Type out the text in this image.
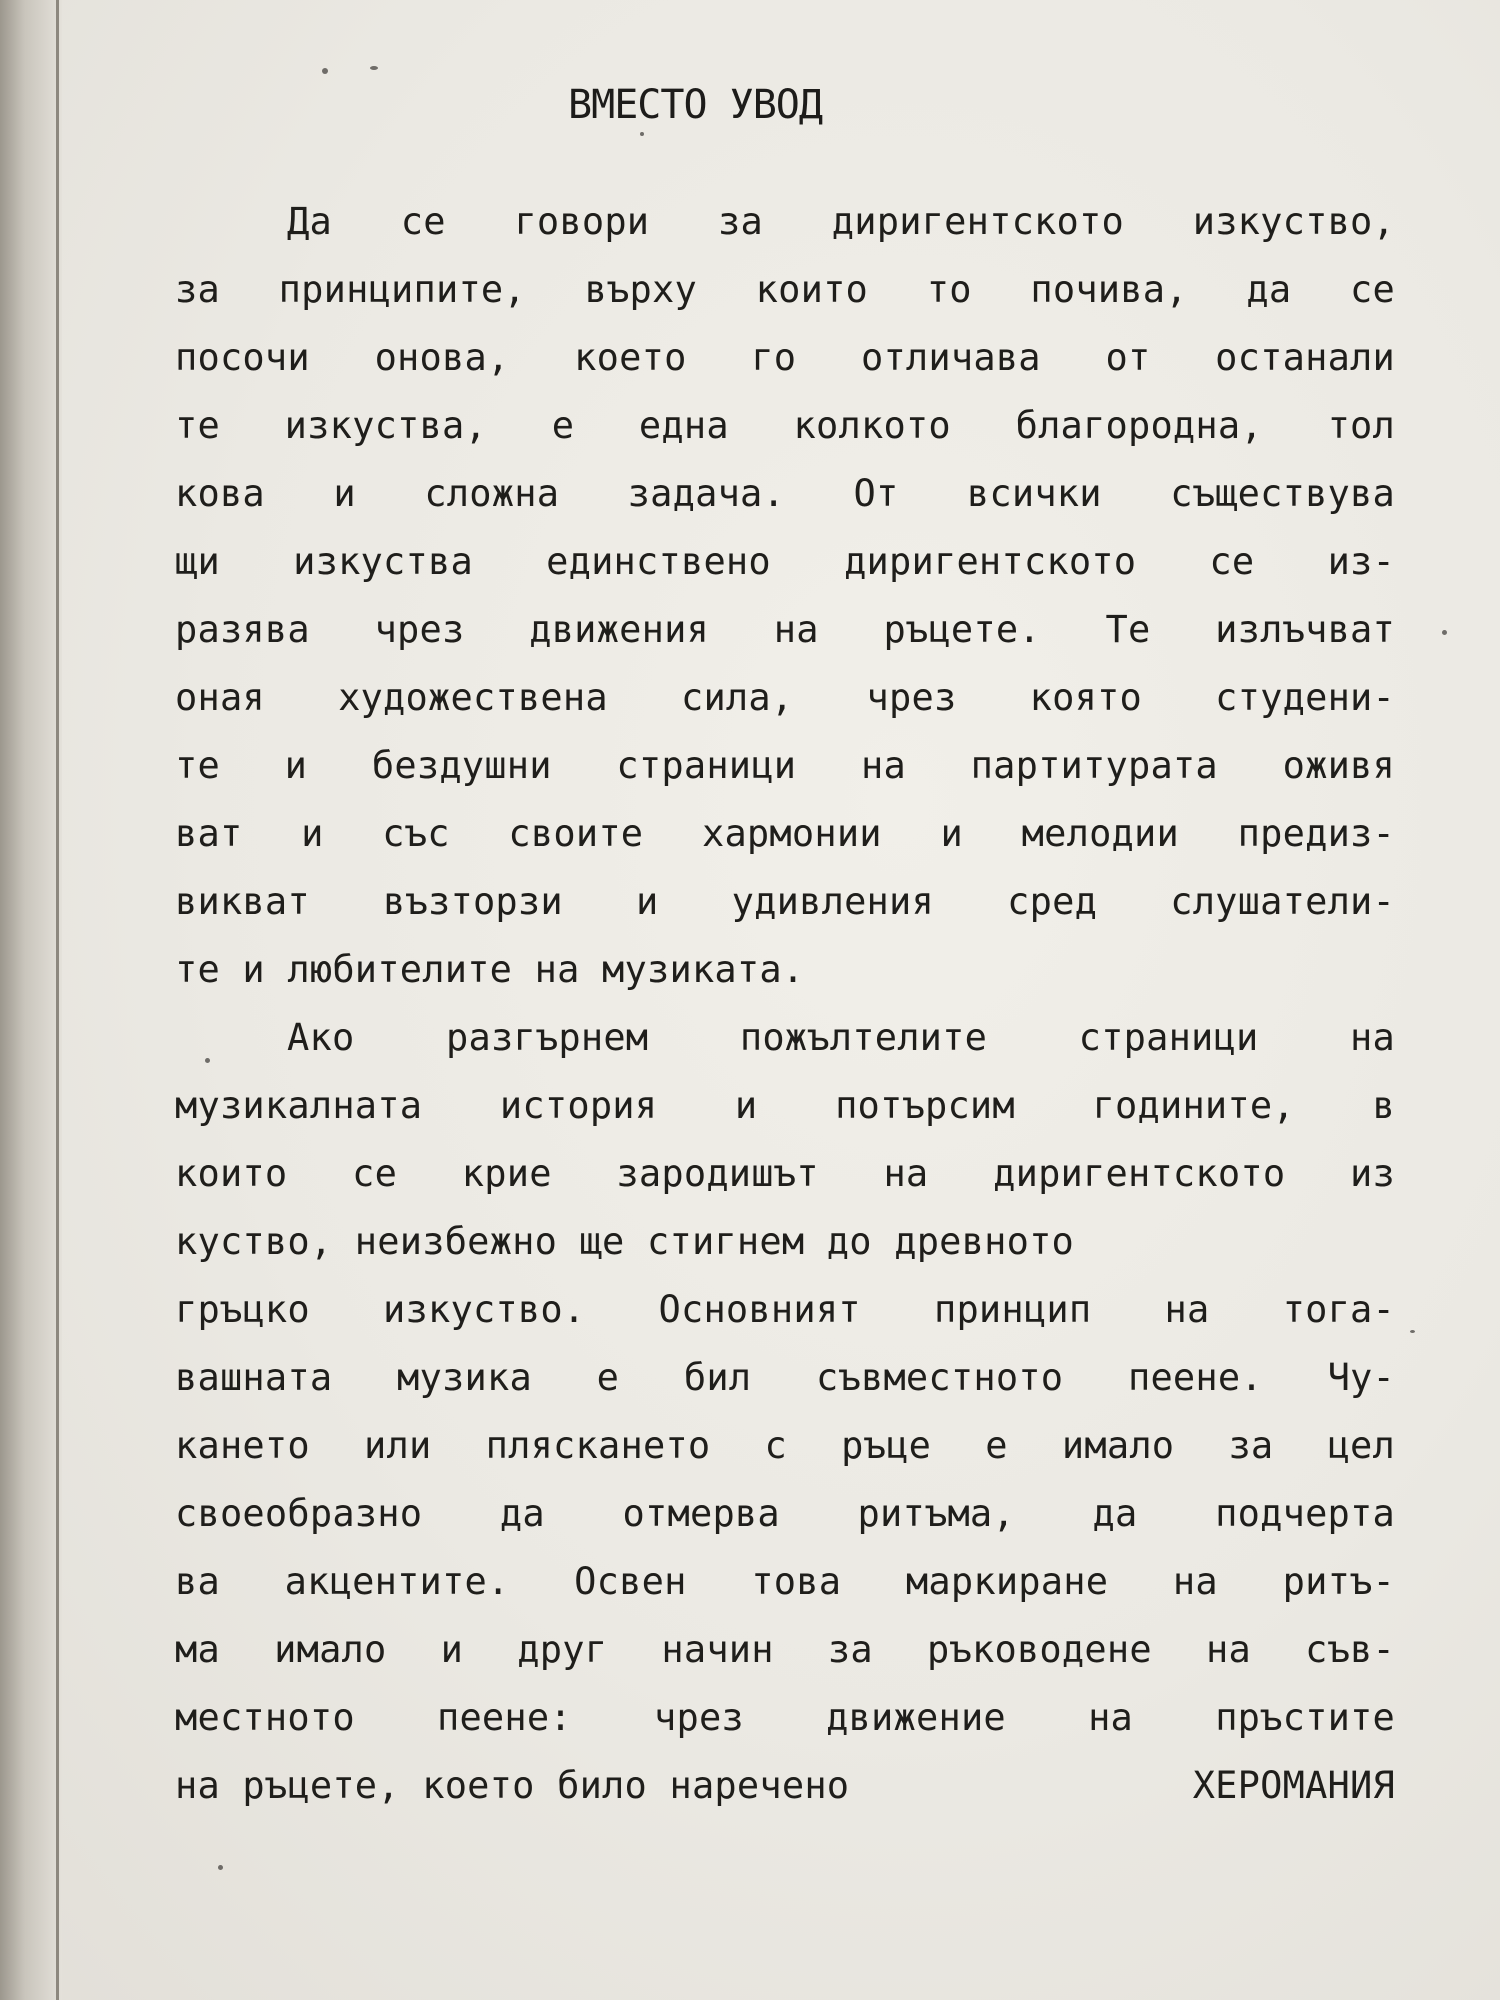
ВМЕСТО УВОД
Да се говори за диригентското изкуство,
за принципите, върху които то почива, да се
посочи онова, което го отличава от останали
те изкуства, е една колкото благородна, тол
кова и сложна задача. От всички съществува
щи изкуства единствено диригентското се из-
разява чрез движения на ръцете. Те излъчват
оная художествена сила, чрез която студени-
те и бездушни страници на партитурата оживя
ват и със своите хармонии и мелодии предиз-
викват възторзи и удивления сред слушатели-
те и любителите на музиката.
Ако разгърнем пожълтелите страници на
музикалната история и потърсим годините, в
които се крие зародишът на диригентското из
куство, неизбежно ще стигнем до древното
гръцко изкуство. Основният принцип на тога-
вашната музика е бил съвместното пеене. Чу-
кането или пляскането с ръце е имало за цел
своеобразно да отмерва ритъма, да подчерта
ва акцентите. Освен това маркиране на ритъ-
ма имало и друг начин за ръководене на съв-
местното пеене: чрез движение на пръстите
на ръцете, което било наречено	ХЕРОМАНИЯ
